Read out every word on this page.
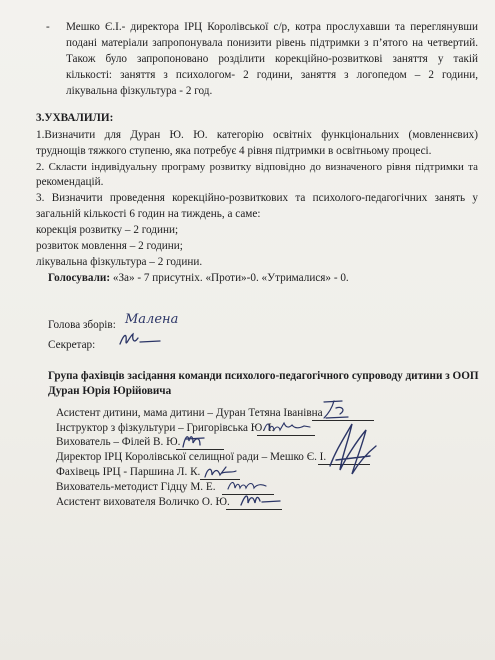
- Мешко Є.І.- директора ІРЦ Королівської с/р, котра прослухавши та переглянувши
подані матеріали запропонувала понизити рівень підтримки з п’ятого на четвертий.
Також було запропоновано розділити корекційно-розвиткові заняття у такій
кількості: заняття з психологом- 2 години, заняття з логопедом – 2 години,
лікувальна фізкультура - 2 год.
3.УХВАЛИЛИ:
1.Визначити для Дуран Ю. Ю. категорію освітніх функціональних (мовленнєвих)
труднощів тяжкого ступеню, яка потребує 4 рівня підтримки в освітньому процесі.
2. Скласти індивідуальну програму розвитку відповідно до визначеного рівня підтримки та
рекомендацій.
3. Визначити проведення корекційно-розвиткових та психолого-педагогічних занять у
загальній кількості 6 годин на тиждень, а саме:
корекція розвитку – 2 години;
розвиток мовлення – 2 години;
лікувальна фізкультура – 2 години.
Голосували: «За» - 7 присутніх. «Проти»-0. «Утрималися» - 0.
Голова зборів: Малена
Секретар:
Група фахівців засідання команди психолого-педагогічного супроводу дитини з ООП
Дуран Юрія Юрійовича
Асистент дитини, мама дитини – Дуран Тетяна Іванівна
Інструктор з фізкультури – Григорівська Ю. І.
Вихователь – Філей В. Ю.
Директор ІРЦ Королівської селищної ради – Мешко Є. І.
Фахівець ІРЦ - Паршина Л. К.
Вихователь-методист Гідцу М. Е.
Асистент вихователя Воличко О. Ю.
